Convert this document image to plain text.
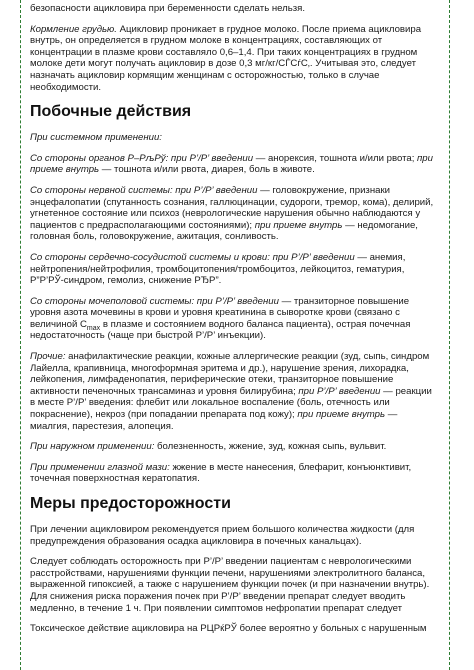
безопасности ацикловира при беременности сделать нельзя.

Кормление грудью. Ацикловир проникает в грудное молоко. После приема ацикловира внутрь, он определяется в грудном молоке в концентрациях, составляющих от концентрации в плазме крови составляло 0,6–1,4. При таких концентрациях в грудном молоке дети могут получать ацикловир в дозе 0,3 мг/кг/СЃСѓС‚. Учитывая это, следует назначать ацикловир кормящим женщинам с осторожностью, только в случае необходимости.

Побочные действия

При системном применении:

Со стороны органов Р–РљРў: при Р’/Р’ введении — анорексия, тошнота и/или рвота; при приеме внутрь — тошнота и/или рвота, диарея, боль в животе.

Со стороны нервной системы: при Р’/Р’ введении — головокружение, признаки энцефалопатии (спутанность сознания, галлюцинации, судороги, тремор, кома), делирий, угнетенное состояние или психоз (неврологические нарушения обычно наблюдаются у пациентов с предрасполагающими состояниями); при приеме внутрь — недомогание, головная боль, головокружение, ажитация, сонливость.

Со стороны сердечно-сосудистой системы и крови: при Р’/Р’ введении — анемия, нейтропения/нейтрофилия, тромбоцитопения/тромбоцитоз, лейкоцитоз, гематурия, Р”Р’РЎ-синдром, гемолиз, снижение РЂР”.

Со стороны мочеполовой системы: при Р’/Р’ введении — транзиторное повышение уровня азота мочевины в крови и уровня креатинина в сыворотке крови (связано с величиной $C_{max}$ в плазме и состоянием водного баланса пациента), острая почечная недостаточность (чаще при быстрой Р’/Р’ инъекции).

Прочие: анафилактические реакции, кожные аллергические реакции (зуд, сыпь, синдром Лайелла, крапивница, многоформная эритема и др.), нарушение зрения, лихорадка, лейкопения, лимфаденопатия, периферические отеки, транзиторное повышение активности печеночных трансаминаз и уровня билирубина; при Р’/Р’ введении — реакции в месте Р’/Р’ введения: флебит или локальное воспаление (боль, отечность или покраснение), некроз (при попадании препарата под кожу); при приеме внутрь — миалгия, парестезия, алопеция.

При наружном применении: болезненность, жжение, зуд, кожная сыпь, вульвит.

При применении глазной мази: жжение в месте нанесения, блефарит, конъюнктивит, точечная поверхностная кератопатия.

Меры предосторожности

При лечении ацикловиром рекомендуется прием большого количества жидкости (для предупреждения образования осадка ацикловира в почечных канальцах).

Следует соблюдать осторожность при Р’/Р’ введении пациентам с неврологическими расстройствами, нарушениями функции печени, нарушениями электролитного баланса, выраженной гипоксией, а также с нарушением функции почек (и при назначении внутрь). Для снижения риска поражения почек при Р’/Р’ введении препарат следует вводить медленно, в течение 1 ч. При появлении симптомов нефропатии препарат следует

Токсическое действие ацикловира на РЦРќРЎ более вероятно у больных с нарушенным
